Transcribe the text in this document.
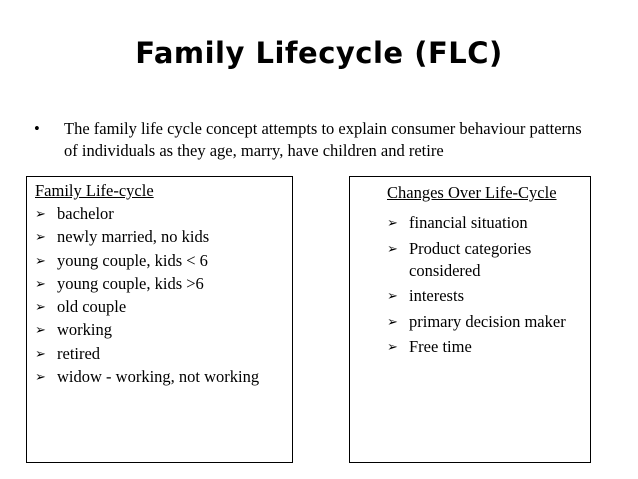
Family Lifecycle (FLC)
• The family life cycle concept attempts to explain consumer behaviour patterns of individuals as they age, marry, have children and retire
Family Life-cycle
➢ bachelor
➢ newly married, no kids
➢ young couple, kids < 6
➢ young couple, kids >6
➢ old couple
➢ working
➢ retired
➢ widow - working, not working
Changes Over Life-Cycle
➢ financial situation
➢ Product categories considered
➢ interests
➢ primary decision maker
➢ Free time
